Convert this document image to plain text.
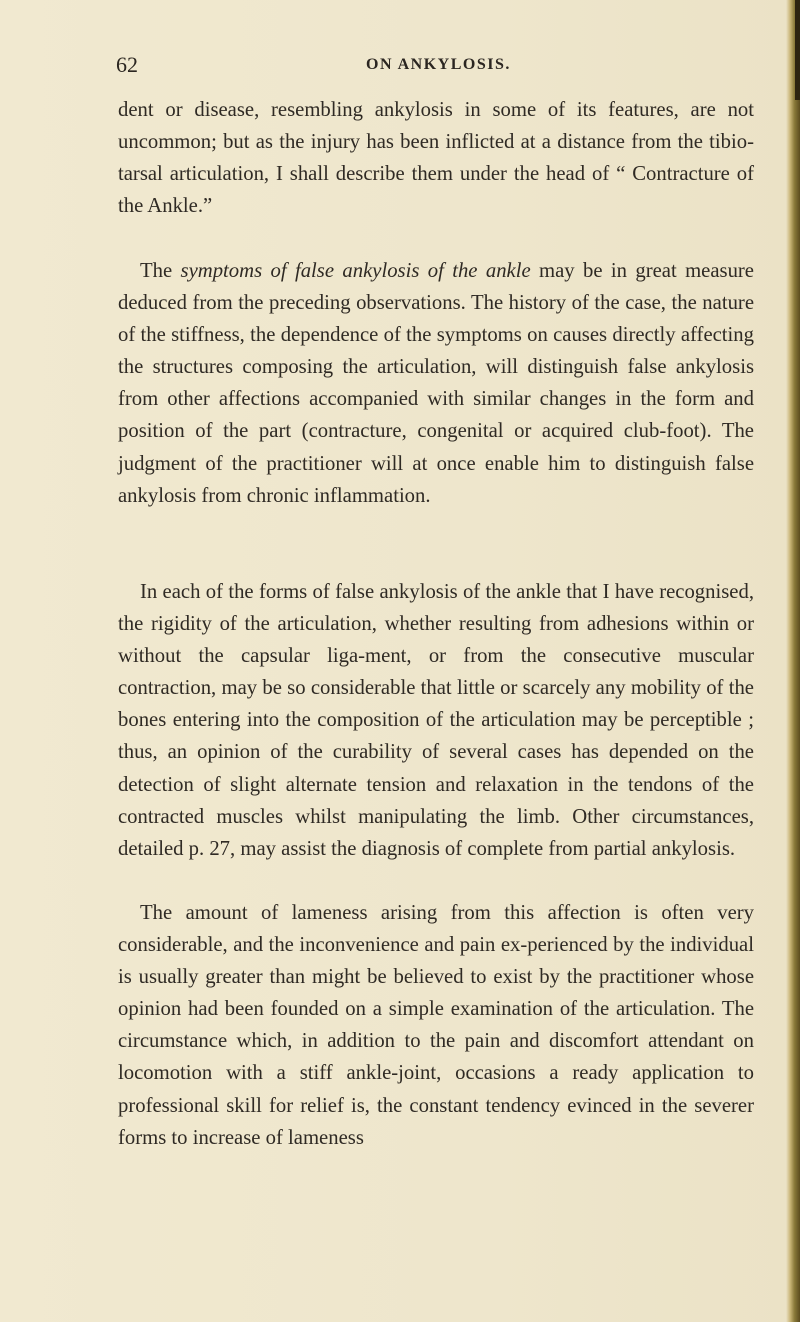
62	ON ANKYLOSIS.

dent or disease, resembling ankylosis in some of its features, are not uncommon; but as the injury has been inflicted at a distance from the tibio-tarsal articulation, I shall describe them under the head of “ Contracture of the Ankle.”

The symptoms of false ankylosis of the ankle may be in great measure deduced from the preceding observations. The history of the case, the nature of the stiffness, the dependence of the symptoms on causes directly affecting the structures composing the articulation, will distinguish false ankylosis from other affections accompanied with similar changes in the form and position of the part (contracture, congenital or acquired club-foot). The judgment of the practitioner will at once enable him to distinguish false ankylosis from chronic inflammation.

In each of the forms of false ankylosis of the ankle that I have recognised, the rigidity of the articulation, whether resulting from adhesions within or without the capsular liga-ment, or from the consecutive muscular contraction, may be so considerable that little or scarcely any mobility of the bones entering into the composition of the articulation may be perceptible ; thus, an opinion of the curability of several cases has depended on the detection of slight alternate tension and relaxation in the tendons of the contracted muscles whilst manipulating the limb. Other circumstances, detailed p. 27, may assist the diagnosis of complete from partial ankylosis.

The amount of lameness arising from this affection is often very considerable, and the inconvenience and pain ex-perienced by the individual is usually greater than might be believed to exist by the practitioner whose opinion had been founded on a simple examination of the articulation. The circumstance which, in addition to the pain and discomfort attendant on locomotion with a stiff ankle-joint, occasions a ready application to professional skill for relief is, the constant tendency evinced in the severer forms to increase of lameness
